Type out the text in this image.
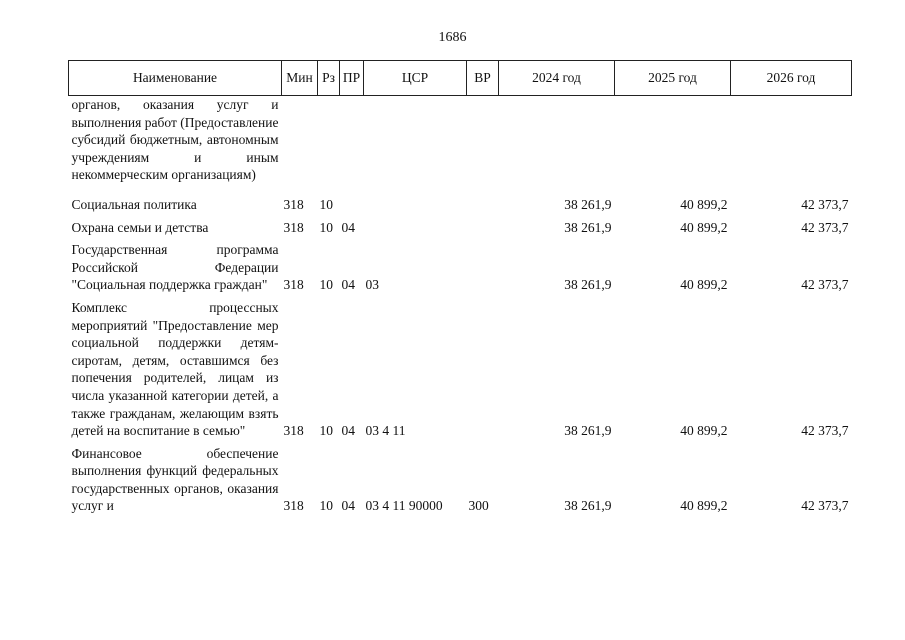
1686
Наименование	Мин	Рз	ПР	ЦСР	ВР	2024 год	2025 год	2026 год
органов, оказания услуг и выполнения работ (Предоставление субсидий бюджетным, автономным учреждениям и иным некоммерческим организациям)								

Социальная политика	318	10				38 261,9	40 899,2	42 373,7
Охрана семьи и детства	318	10	04			38 261,9	40 899,2	42 373,7
Государственная программа Российской Федерации "Социальная поддержка граждан"	318	10	04	03		38 261,9	40 899,2	42 373,7
Комплекс процессных мероприятий "Предоставление мер социальной поддержки детям-сиротам, детям, оставшимся без попечения родителей, лицам из числа указанной категории детей, а также гражданам, желающим взять детей на воспитание в семью"	318	10	04	03 4 11		38 261,9	40 899,2	42 373,7
Финансовое обеспечение выполнения функций федеральных государственных органов, оказания услуг и	318	10	04	03 4 11 90000	300	38 261,9	40 899,2	42 373,7
